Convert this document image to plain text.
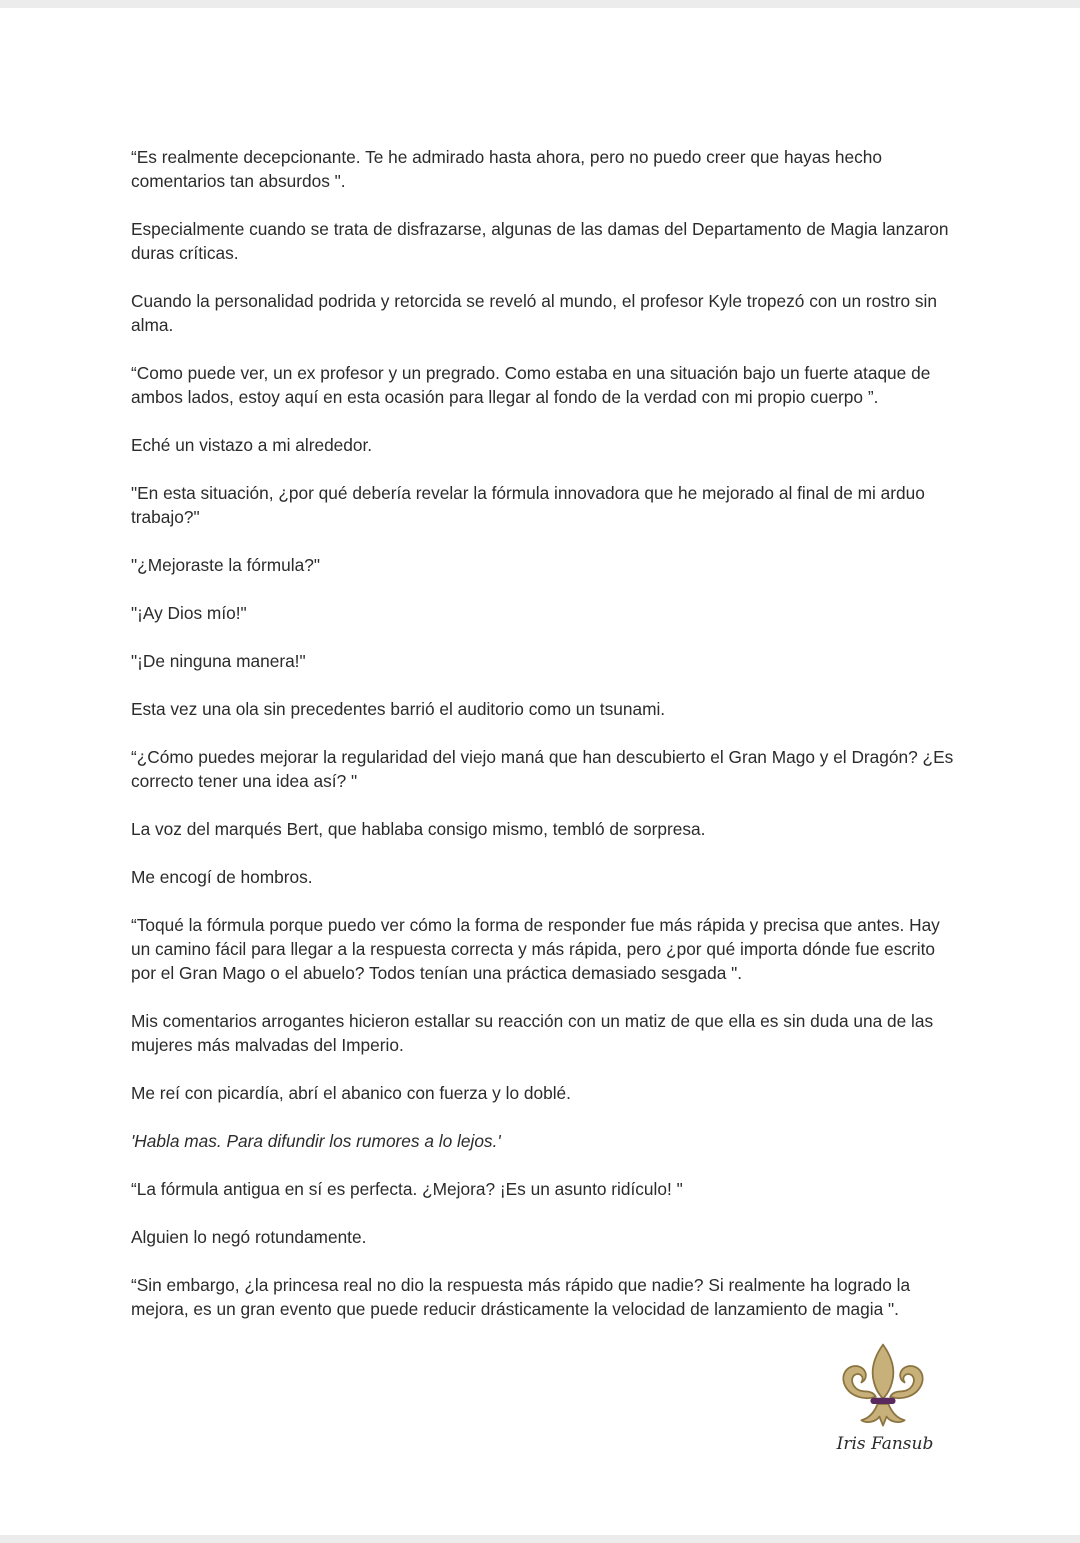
“Es realmente decepcionante. Te he admirado hasta ahora, pero no puedo creer que hayas hecho comentarios tan absurdos ".

Especialmente cuando se trata de disfrazarse, algunas de las damas del Departamento de Magia lanzaron duras críticas.

Cuando la personalidad podrida y retorcida se reveló al mundo, el profesor Kyle tropezó con un rostro sin alma.

“Como puede ver, un ex profesor y un pregrado. Como estaba en una situación bajo un fuerte ataque de ambos lados, estoy aquí en esta ocasión para llegar al fondo de la verdad con mi propio cuerpo ”.

Eché un vistazo a mi alrededor.

"En esta situación, ¿por qué debería revelar la fórmula innovadora que he mejorado al final de mi arduo trabajo?"

"¿Mejoraste la fórmula?"

"¡Ay Dios mío!"

"¡De ninguna manera!"

Esta vez una ola sin precedentes barrió el auditorio como un tsunami.

“¿Cómo puedes mejorar la regularidad del viejo maná que han descubierto el Gran Mago y el Dragón? ¿Es correcto tener una idea así? "

La voz del marqués Bert, que hablaba consigo mismo, tembló de sorpresa.

Me encogí de hombros.

“Toqué la fórmula porque puedo ver cómo la forma de responder fue más rápida y precisa que antes. Hay un camino fácil para llegar a la respuesta correcta y más rápida, pero ¿por qué importa dónde fue escrito por el Gran Mago o el abuelo? Todos tenían una práctica demasiado sesgada ".

Mis comentarios arrogantes hicieron estallar su reacción con un matiz de que ella es sin duda una de las mujeres más malvadas del Imperio.

Me reí con picardía, abrí el abanico con fuerza y lo doblé.

'Habla mas. Para difundir los rumores a lo lejos.'

“La fórmula antigua en sí es perfecta. ¿Mejora? ¡Es un asunto ridículo! "

Alguien lo negó rotundamente.

“Sin embargo, ¿la princesa real no dio la respuesta más rápido que nadie? Si realmente ha logrado la mejora, es un gran evento que puede reducir drásticamente la velocidad de lanzamiento de magia ".

Iris Fansub
